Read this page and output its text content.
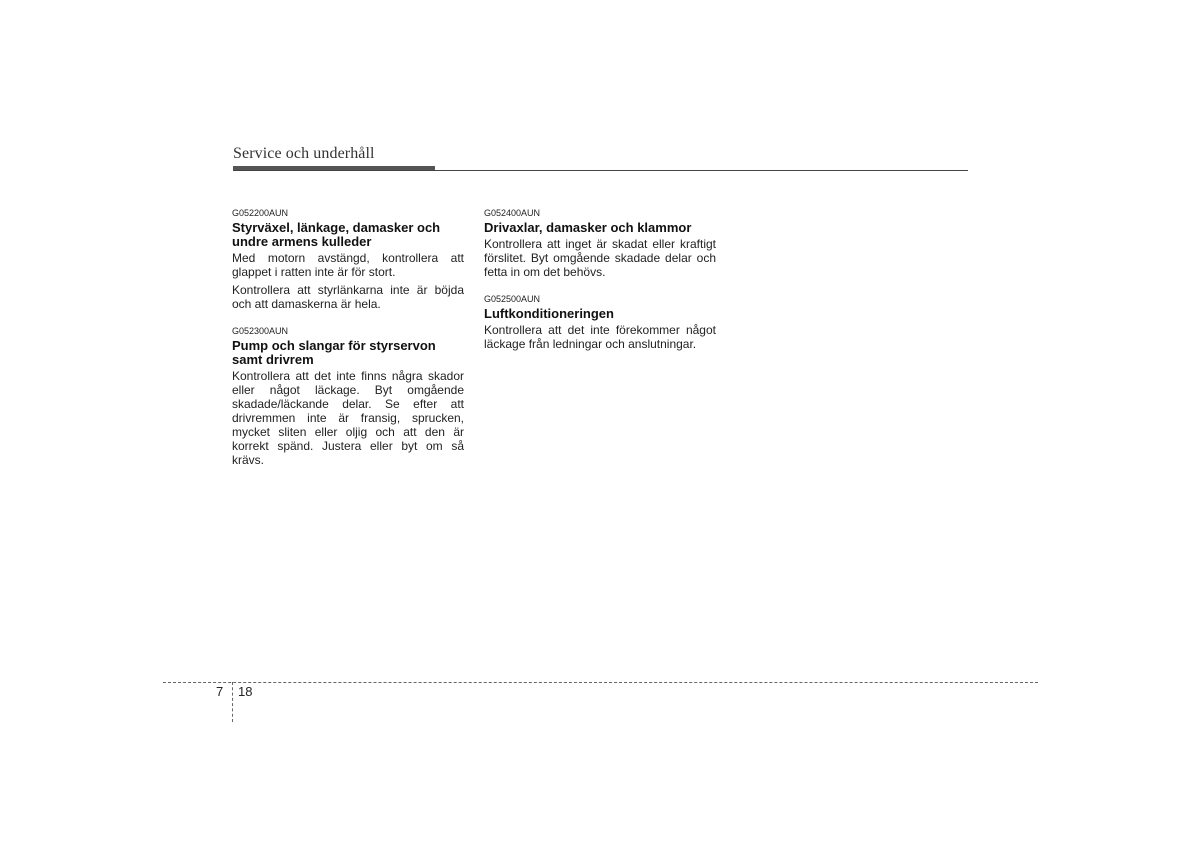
Service och underhåll
G052200AUN
Styrväxel, länkage, damasker och undre armens kulleder

Med motorn avstängd, kontrollera att glappet i ratten inte är för stort.

Kontrollera att styrlänkarna inte är böjda och att damaskerna är hela.

G052300AUN
Pump och slangar för styrservon samt drivrem

Kontrollera att det inte finns några skador eller något läckage. Byt omgående skadade/läckande delar. Se efter att drivremmen inte är fransig, sprucken, mycket sliten eller oljig och att den är korrekt spänd. Justera eller byt om så krävs.

G052400AUN
Drivaxlar, damasker och klammor

Kontrollera att inget är skadat eller kraftigt förslitet. Byt omgående skadade delar och fetta in om det behövs.

G052500AUN
Luftkonditioneringen

Kontrollera att det inte förekommer något läckage från ledningar och anslutningar.

7 18
